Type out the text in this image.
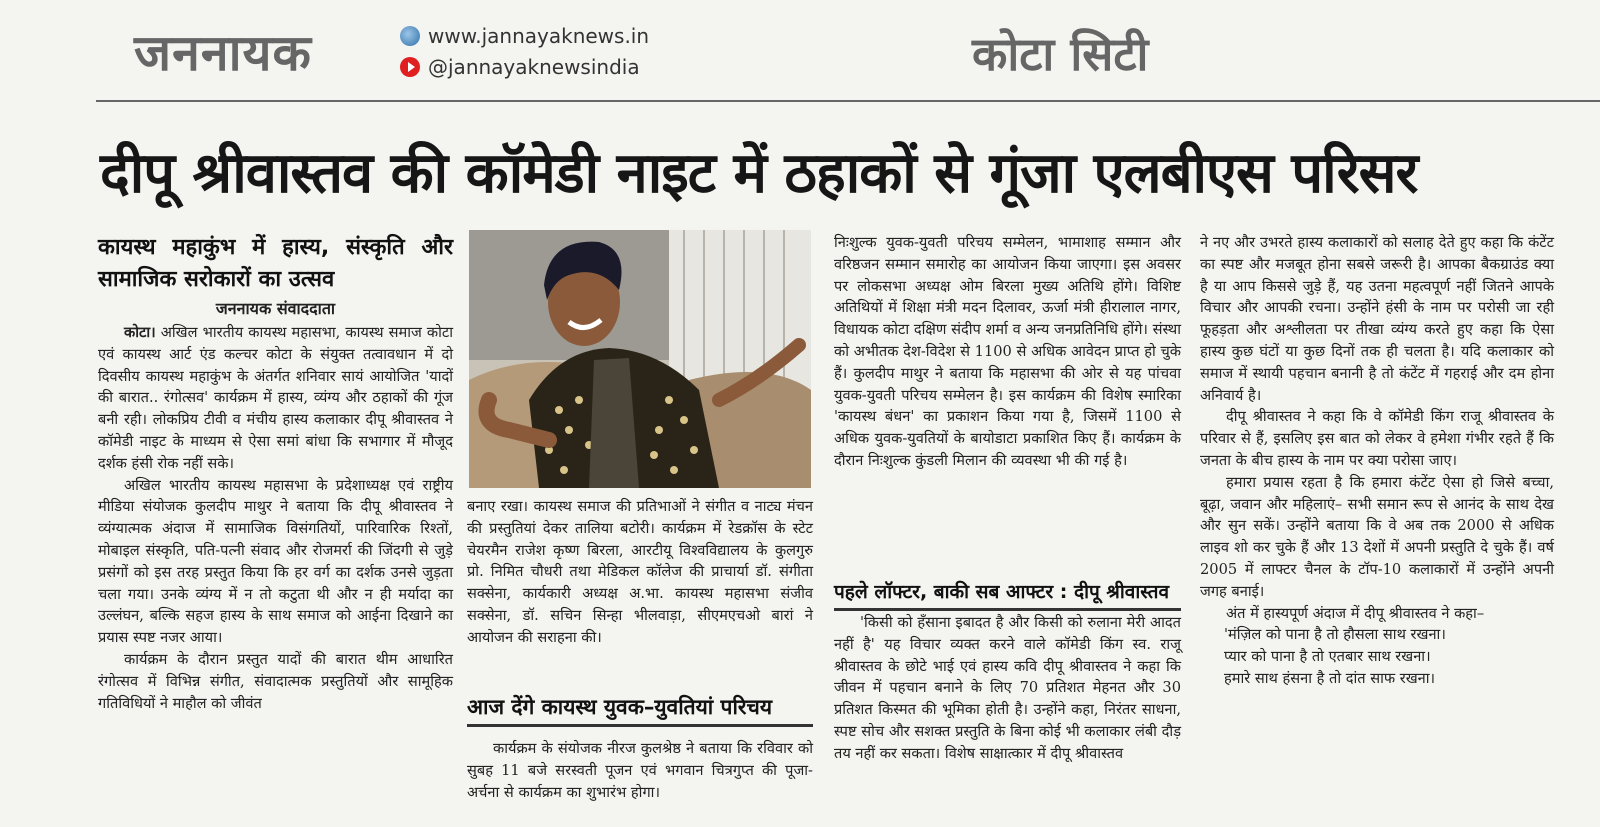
जननायक	www.jannayaknews.in
@jannayaknewsindia	कोटा सिटी
दीपू श्रीवास्तव की कॉमेडी नाइट में ठहाकों से गूंजा एलबीएस परिसर
कायस्थ महाकुंभ में हास्य, संस्कृति और सामाजिक सरोकारों का उत्सव
जननायक संवाददाता

कोटा। अखिल भारतीय कायस्थ महासभा, कायस्थ समाज कोटा एवं कायस्थ आर्ट एंड कल्चर कोटा के संयुक्त तत्वावधान में दो दिवसीय कायस्थ महाकुंभ के अंतर्गत शनिवार सायं आयोजित 'यादों की बारात.. रंगोत्सव' कार्यक्रम में हास्य, व्यंग्य और ठहाकों की गूंज बनी रही। लोकप्रिय टीवी व मंचीय हास्य कलाकार दीपू श्रीवास्तव ने कॉमेडी नाइट के माध्यम से ऐसा समां बांधा कि सभागार में मौजूद दर्शक हंसी रोक नहीं सके।

अखिल भारतीय कायस्थ महासभा के प्रदेशाध्यक्ष एवं राष्ट्रीय मीडिया संयोजक कुलदीप माथुर ने बताया कि दीपू श्रीवास्तव ने व्यंग्यात्मक अंदाज में सामाजिक विसंगतियों, पारिवारिक रिश्तों, मोबाइल संस्कृति, पति-पत्नी संवाद और रोजमर्रा की जिंदगी से जुड़े प्रसंगों को इस तरह प्रस्तुत किया कि हर वर्ग का दर्शक उनसे जुड़ता चला गया। उनके व्यंग्य में न तो कटुता थी और न ही मर्यादा का उल्लंघन, बल्कि सहज हास्य के साथ समाज को आईना दिखाने का प्रयास स्पष्ट नजर आया।

कार्यक्रम के दौरान प्रस्तुत यादों की बारात थीम आधारित रंगोत्सव में विभिन्न संगीत, संवादात्मक प्रस्तुतियों और सामूहिक गतिविधियों ने माहौल को जीवंत

बनाए रखा। कायस्थ समाज की प्रतिभाओं ने संगीत व नाट्य मंचन की प्रस्तुतियां देकर तालिया बटोरी। कार्यक्रम में रेडक्रॉस के स्टेट चेयरमैन राजेश कृष्ण बिरला, आरटीयू विश्वविद्यालय के कुलगुरु प्रो. निमित चौधरी तथा मेडिकल कॉलेज की प्राचार्या डॉ. संगीता सक्सेना, कार्यकारी अध्यक्ष अ.भा. कायस्थ महासभा संजीव सक्सेना, डॉ. सचिन सिन्हा भीलवाड़ा, सीएमएचओ बारां ने आयोजन की सराहना की।

आज देंगे कायस्थ युवक–युवतियां परिचय

कार्यक्रम के संयोजक नीरज कुलश्रेष्ठ ने बताया कि रविवार को सुबह 11 बजे सरस्वती पूजन एवं भगवान चित्रगुप्त की पूजा-अर्चना से कार्यक्रम का शुभारंभ होगा।

निःशुल्क युवक-युवती परिचय सम्मेलन, भामाशाह सम्मान और वरिष्ठजन सम्मान समारोह का आयोजन किया जाएगा। इस अवसर पर लोकसभा अध्यक्ष ओम बिरला मुख्य अतिथि होंगे। विशिष्ट अतिथियों में शिक्षा मंत्री मदन दिलावर, ऊर्जा मंत्री हीरालाल नागर, विधायक कोटा दक्षिण संदीप शर्मा व अन्य जनप्रतिनिधि होंगे। संस्था को अभीतक देश-विदेश से 1100 से अधिक आवेदन प्राप्त हो चुके हैं। कुलदीप माथुर ने बताया कि महासभा की ओर से यह पांचवा युवक-युवती परिचय सम्मेलन है। इस कार्यक्रम की विशेष स्मारिका 'कायस्थ बंधन' का प्रकाशन किया गया है, जिसमें 1100 से अधिक युवक-युवतियों के बायोडाटा प्रकाशित किए हैं। कार्यक्रम के दौरान निःशुल्क कुंडली मिलान की व्यवस्था भी की गई है।

पहले लॉफ्टर, बाकी सब आफ्टर : दीपू श्रीवास्तव

'किसी को हँसाना इबादत है और किसी को रुलाना मेरी आदत नहीं है' यह विचार व्यक्त करने वाले कॉमेडी किंग स्व. राजू श्रीवास्तव के छोटे भाई एवं हास्य कवि दीपू श्रीवास्तव ने कहा कि जीवन में पहचान बनाने के लिए 70 प्रतिशत मेहनत और 30 प्रतिशत किस्मत की भूमिका होती है। उन्होंने कहा, निरंतर साधना, स्पष्ट सोच और सशक्त प्रस्तुति के बिना कोई भी कलाकार लंबी दौड़ तय नहीं कर सकता। विशेष साक्षात्कार में दीपू श्रीवास्तव

ने नए और उभरते हास्य कलाकारों को सलाह देते हुए कहा कि कंटेंट का स्पष्ट और मजबूत होना सबसे जरूरी है। आपका बैकग्राउंड क्या है या आप किससे जुड़े हैं, यह उतना महत्वपूर्ण नहीं जितने आपके विचार और आपकी रचना। उन्होंने हंसी के नाम पर परोसी जा रही फूहड़ता और अश्लीलता पर तीखा व्यंग्य करते हुए कहा कि ऐसा हास्य कुछ घंटों या कुछ दिनों तक ही चलता है। यदि कलाकार को समाज में स्थायी पहचान बनानी है तो कंटेंट में गहराई और दम होना अनिवार्य है।

दीपू श्रीवास्तव ने कहा कि वे कॉमेडी किंग राजू श्रीवास्तव के परिवार से हैं, इसलिए इस बात को लेकर वे हमेशा गंभीर रहते हैं कि जनता के बीच हास्य के नाम पर क्या परोसा जाए।

हमारा प्रयास रहता है कि हमारा कंटेंट ऐसा हो जिसे बच्चा, बूढ़ा, जवान और महिलाएं– सभी समान रूप से आनंद के साथ देख और सुन सकें। उन्होंने बताया कि वे अब तक 2000 से अधिक लाइव शो कर चुके हैं और 13 देशों में अपनी प्रस्तुति दे चुके हैं। वर्ष 2005 में लाफ्टर चैनल के टॉप-10 कलाकारों में उन्होंने अपनी जगह बनाई।

अंत में हास्यपूर्ण अंदाज में दीपू श्रीवास्तव ने कहा–

'मंज़िल को पाना है तो हौसला साथ रखना।

प्यार को पाना है तो एतबार साथ रखना।

हमारे साथ हंसना है तो दांत साफ रखना।
